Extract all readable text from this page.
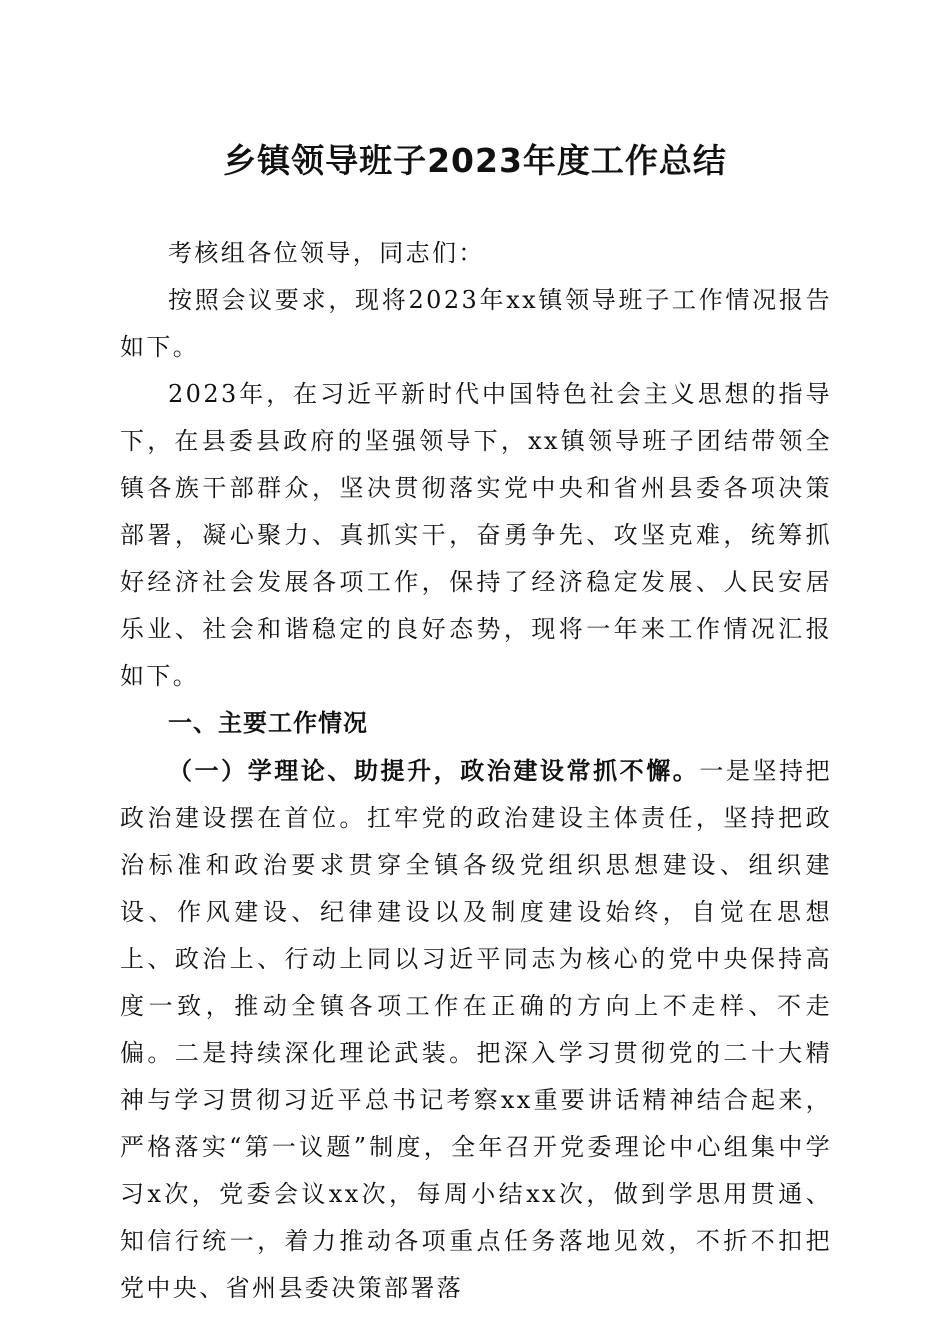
乡镇领导班子2023年度工作总结

考核组各位领导，同志们：

按照会议要求，现将2023年xx镇领导班子工作情况报告如下。

2023年，在习近平新时代中国特色社会主义思想的指导下，在县委县政府的坚强领导下，xx镇领导班子团结带领全镇各族干部群众，坚决贯彻落实党中央和省州县委各项决策部署，凝心聚力、真抓实干，奋勇争先、攻坚克难，统筹抓好经济社会发展各项工作，保持了经济稳定发展、人民安居乐业、社会和谐稳定的良好态势，现将一年来工作情况汇报如下。

一、主要工作情况

（一）学理论、助提升，政治建设常抓不懈。一是坚持把政治建设摆在首位。扛牢党的政治建设主体责任，坚持把政治标准和政治要求贯穿全镇各级党组织思想建设、组织建设、作风建设、纪律建设以及制度建设始终，自觉在思想上、政治上、行动上同以习近平同志为核心的党中央保持高度一致，推动全镇各项工作在正确的方向上不走样、不走偏。二是持续深化理论武装。把深入学习贯彻党的二十大精神与学习贯彻习近平总书记考察xx重要讲话精神结合起来，严格落实“第一议题”制度，全年召开党委理论中心组集中学习x次，党委会议xx次，每周小结xx次，做到学思用贯通、知信行统一，着力推动各项重点任务落地见效，不折不扣把党中央、省州县委决策部署落
